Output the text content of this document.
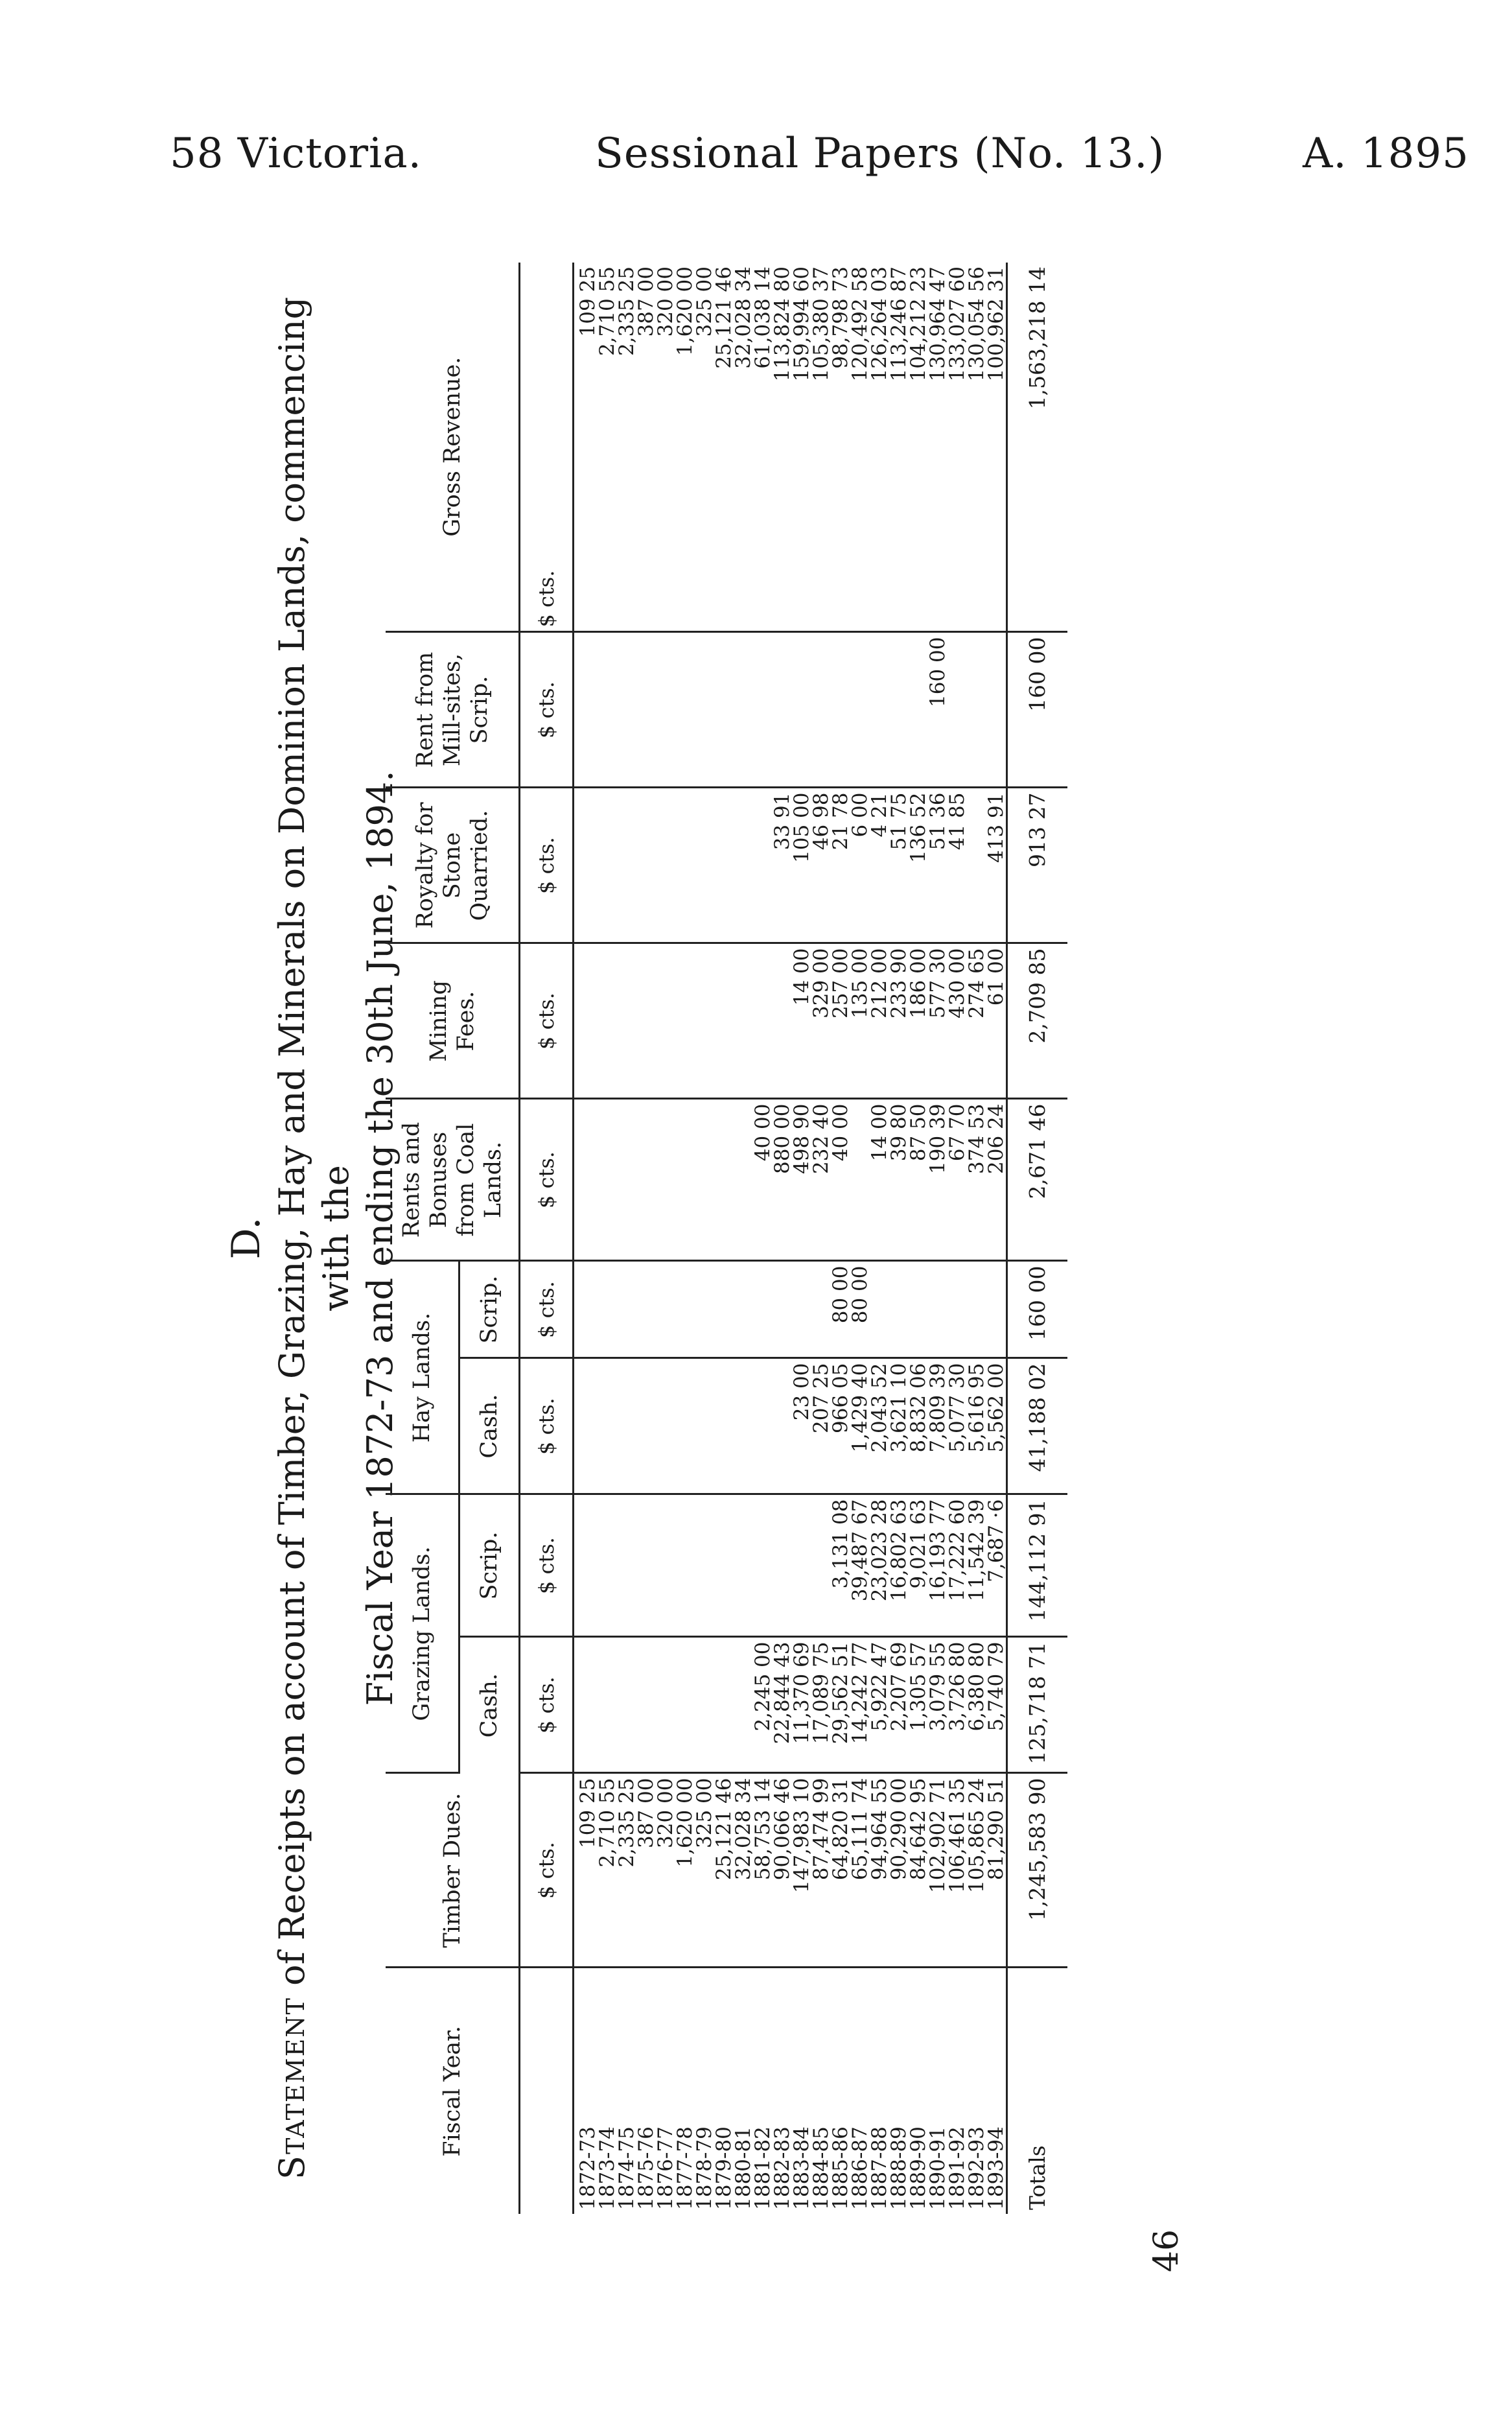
58 Victoria.	Sessional Papers (No. 13.)	A. 1895
D.
Statement of Receipts on account of Timber, Grazing, Hay and Minerals on Dominion Lands, commencing with the
Fiscal Year 1872-73 and ending the 30th June, 1894.
46
Fiscal Year.	Timber Dues.	Grazing Lands.		Hay Lands.		Rents and Bonuses from Coal Lands.	Mining Fees.	Royalty for Stone Quarried.	Rent from Mill-sites, Scrip.	Gross Revenue.
		Cash.	Scrip.	Cash.	Scrip.					
	$ cts.	$ cts.	$ cts.	$ cts.	$ cts.	$ cts.	$ cts.	$ cts.	$ cts.	$ cts.
1872-73	109 25									109 25
1873-74	2,710 55									2,710 55
1874-75	2,335 25									2,335 25
1875-76	387 00									387 00
1876-77	320 00									320 00
1877-78	1,620 00									1,620 00
1878-79	325 00									325 00
1879-80	25,121 46									25,121 46
1880-81	32,028 34									32,028 34
1881-82	58,753 14	2,245 00				40 00				61,038 14
1882-83	90,066 46	22,844 43				880 00		33 91		113,824 80
1883-84	147,983 10	11,370 69		23 00		498 90	14 00	105 00		159,994 60
1884-85	87,474 99	17,089 75		207 25		232 40	329 00	46 98		105,380 37
1885-86	64,820 31	29,562 51	3,131 08	966 05	80 00	40 00	257 00	21 78		98,798 73
1886-87	65,111 74	14,242 77	39,487 67	1,429 40	80 00		135 00	6 00		120,492 58
1887-88	94,964 55	5,922 47	23,023 28	2,043 52		14 00	212 00	4 21		126,264 03
1888-89	90,290 00	2,207 69	16,802 63	3,621 10		39 80	233 90	51 75		113,246 87
1889-90	84,642 95	1,305 57	9,021 63	8,832 06		87 50	186 00	136 52		104,212 23
1890-91	102,902 71	3,079 55	16,193 77	7,809 39		190 39	577 30	51 36	160 00	130,964 47
1891-92	106,461 35	3,726 80	17,222 60	5,077 30		67 70	430 00	41 85		133,027 60
1892-93	105,865 24	6,380 80	11,542 39	5,616 95		374 53	274 65			130,054 56
1893-94	81,290 51	5,740 79	7,687 ·6	5,562 00		206 24	61 00	413 91		100,962 31
Totals	1,245,583 90	125,718 71	144,112 91	41,188 02	160 00	2,671 46	2,709 85	913 27	160 00	1,563,218 14
